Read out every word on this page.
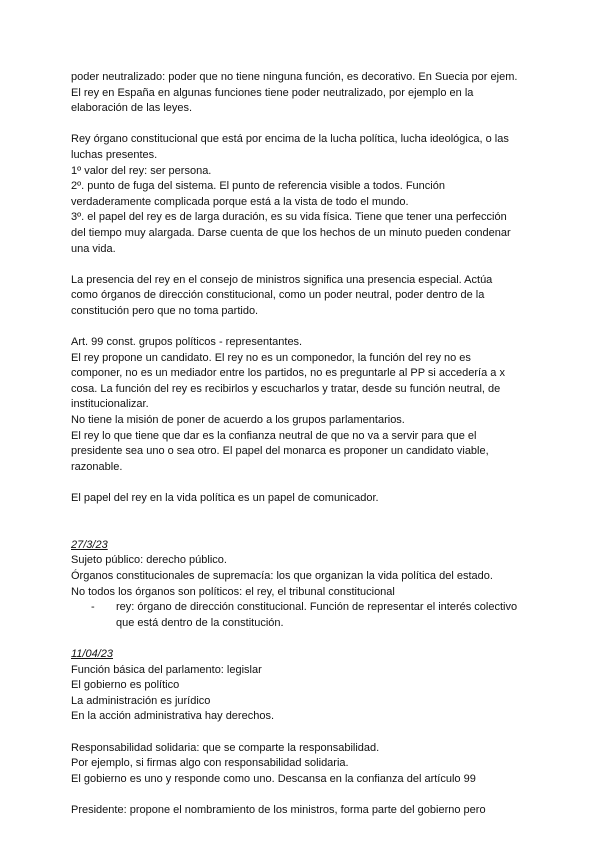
poder neutralizado: poder que no tiene ninguna función, es decorativo. En Suecia por ejem.

El rey en España en algunas funciones tiene poder neutralizado, por ejemplo en la

elaboración de las leyes.

Rey órgano constitucional que está por encima de la lucha política, lucha ideológica, o las

luchas presentes.

1º valor del rey: ser persona.

2º. punto de fuga del sistema. El punto de referencia visible a todos. Función

verdaderamente complicada porque está a la vista de todo el mundo.

3º. el papel del rey es de larga duración, es su vida física. Tiene que tener una perfección

del tiempo muy alargada. Darse cuenta de que los hechos de un minuto pueden condenar

una vida.

La presencia del rey en el consejo de ministros significa una presencia especial. Actúa

como órganos de dirección constitucional, como un poder neutral, poder dentro de la

constitución pero que no toma partido.

Art. 99 const. grupos políticos - representantes.

El rey propone un candidato. El rey no es un componedor, la función del rey no es

componer, no es un mediador entre los partidos, no es preguntarle al PP si accedería a x

cosa. La función del rey es recibirlos y escucharlos y tratar, desde su función neutral, de

institucionalizar.

No tiene la misión de poner de acuerdo a los grupos parlamentarios.

El rey lo que tiene que dar es la confianza neutral de que no va a servir para que el

presidente sea uno o sea otro. El papel del monarca es proponer un candidato viable,

razonable.

El papel del rey en la vida política es un papel de comunicador.

27/3/23

Sujeto público: derecho público.

Órganos constitucionales de supremacía: los que organizan la vida política del estado.

No todos los órganos son políticos: el rey, el tribunal constitucional

-	rey: órgano de dirección constitucional. Función de representar el interés colectivo

que está dentro de la constitución.

11/04/23

Función básica del parlamento: legislar

El gobierno es político

La administración es jurídico

En la acción administrativa hay derechos.

Responsabilidad solidaria: que se comparte la responsabilidad.

Por ejemplo, si firmas algo con responsabilidad solidaria.

El gobierno es uno y responde como uno. Descansa en la confianza del artículo 99

Presidente: propone el nombramiento de los ministros, forma parte del gobierno pero
